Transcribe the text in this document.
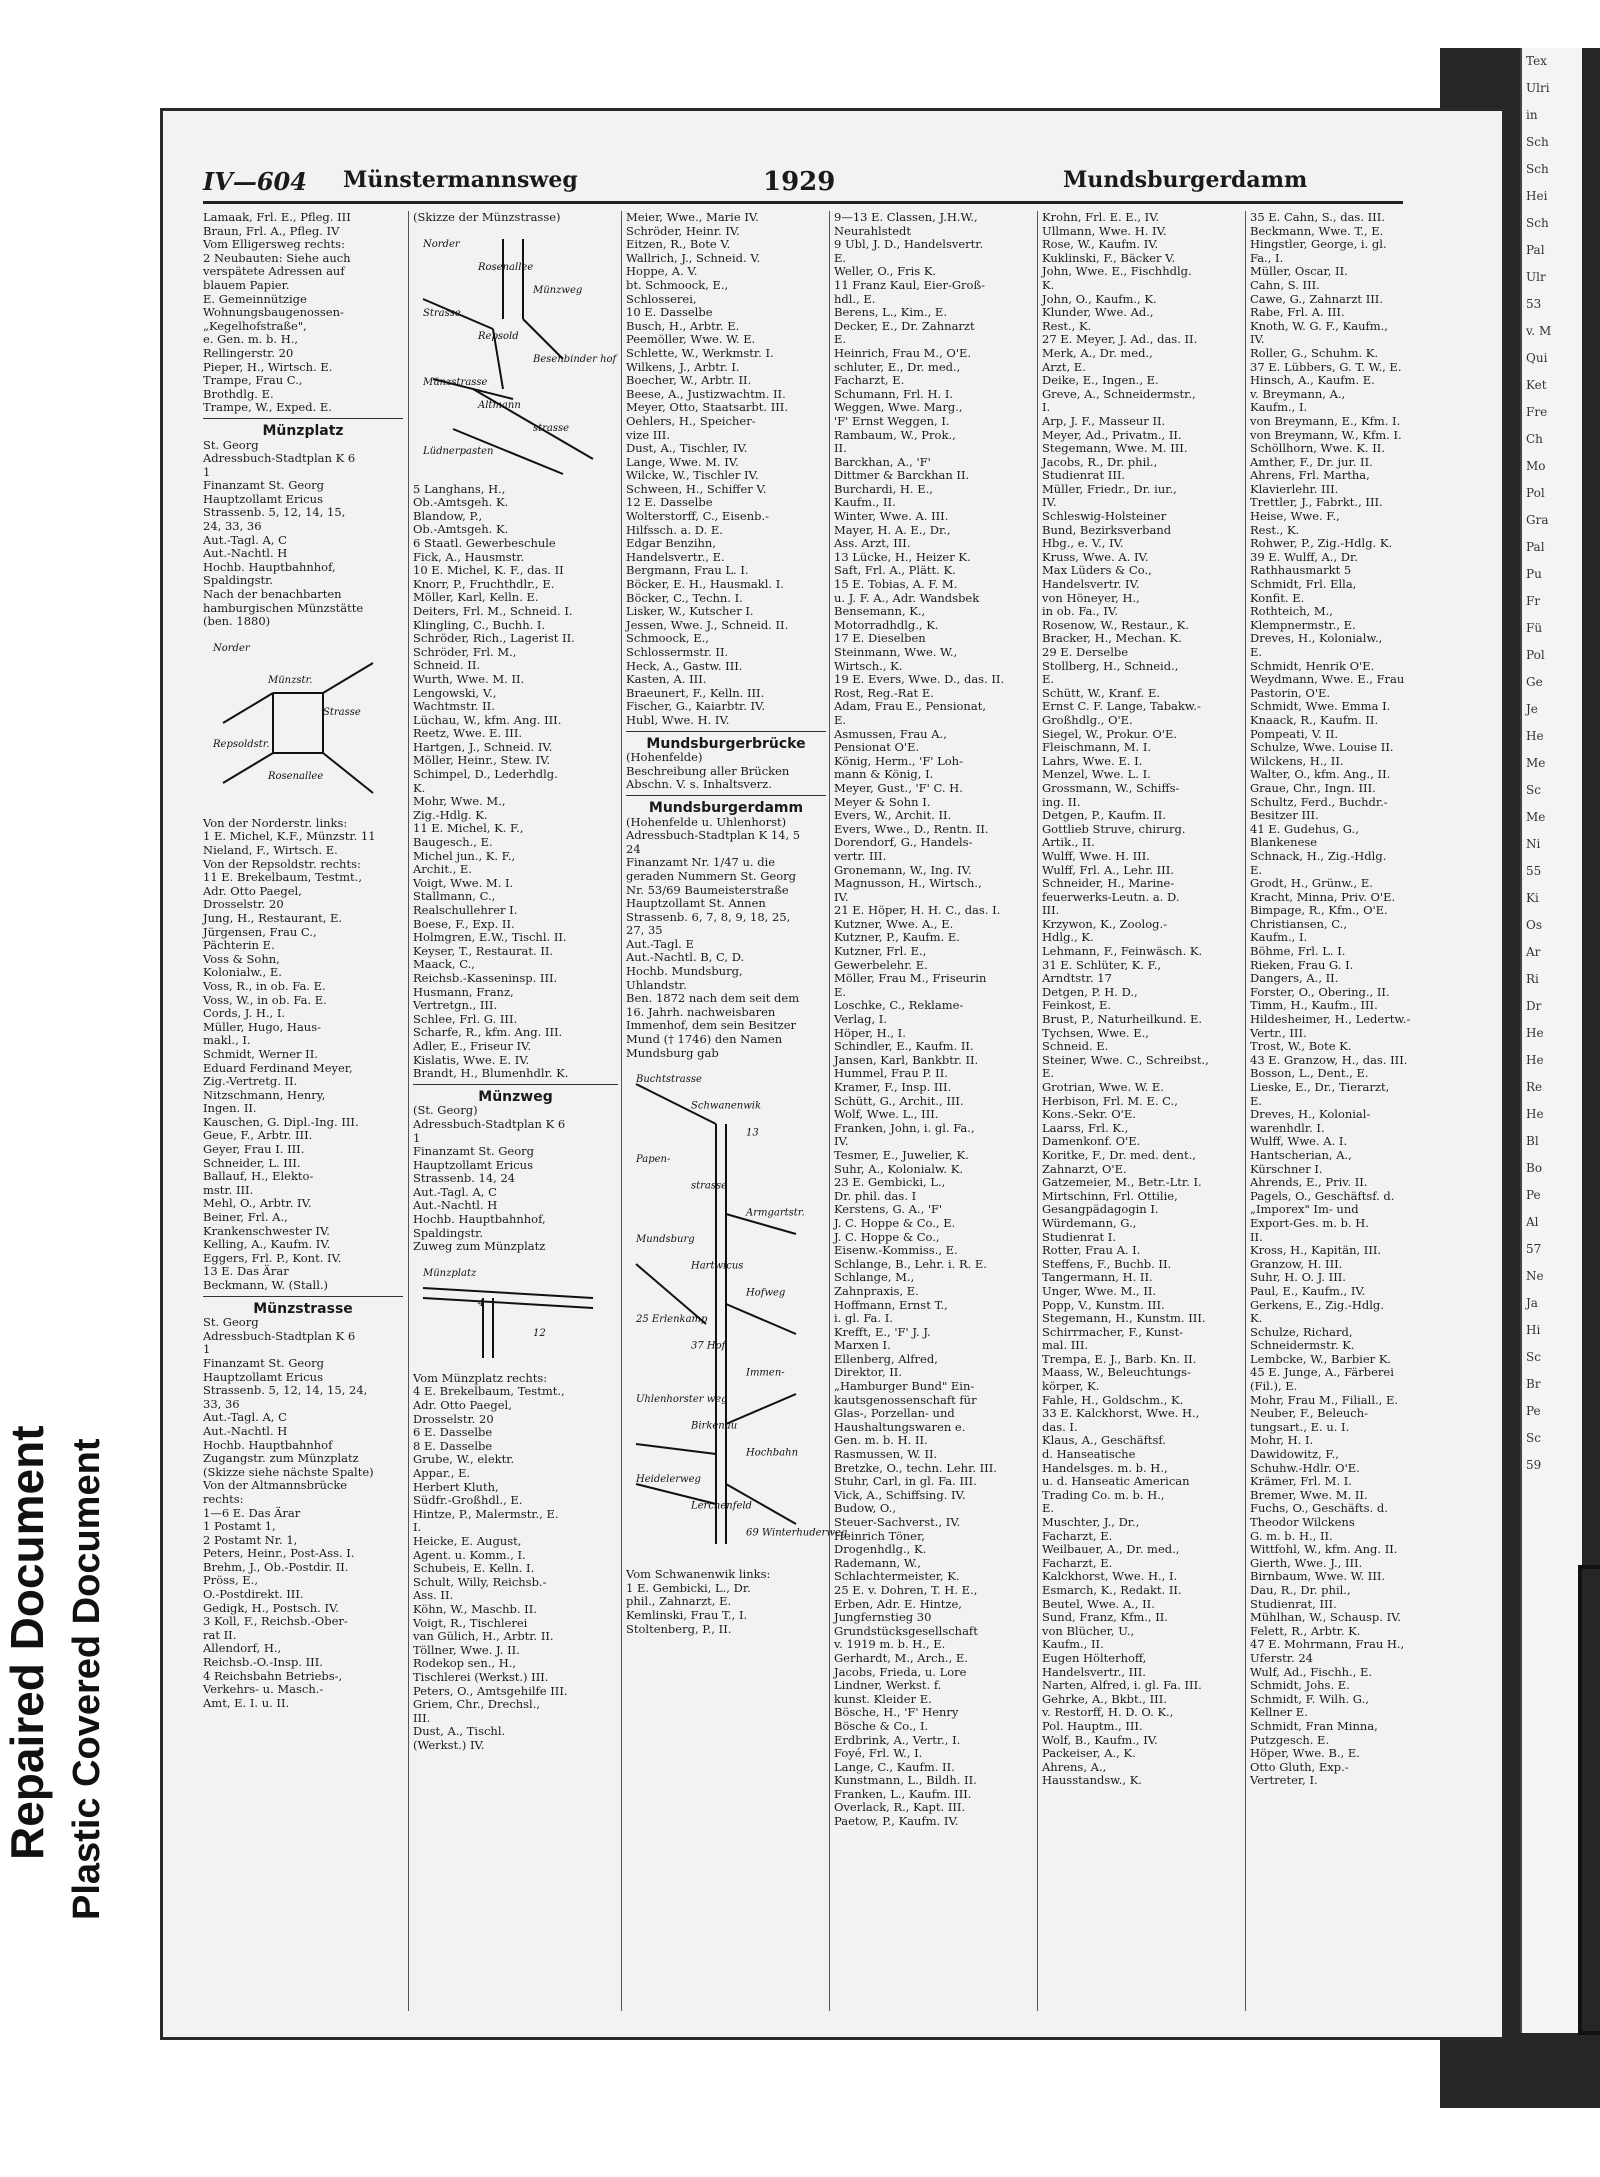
Repaired Document Plastic Covered Document
Tex
Ulri
in
Sch
Sch
Hei
Sch
Pal
Ulr
53
v. M
Qui
Ket
Fre
Ch
Mo
Pol
Gra
Pal
Pu
Fr
Fü
Pol
Ge
Je
He
Me
Sc
Me
Ni
55
Ki
Os
Ar
Ri
Dr
He
He
Re
He
Bl
Bo
Pe
Al
57
Ne
Ja
Hi
Sc
Br
Pe
Sc
59
IV—604 Münstermannsweg	1929	Mundsburgerdamm
Lamaak, Frl. E., Pfleg. III
Braun, Frl. A., Pfleg. IV
Vom Elligersweg rechts:
2 Neubauten: Siehe auch
verspätete Adressen auf
blauem Papier.
E. Gemeinnützige
Wohnungsbaugenossen-
„Kegelhofstraße",
e. Gen. m. b. H.,
Rellingerstr. 20
Pieper, H., Wirtsch. E.
Trampe, Frau C.,
Brothdlg. E.
Trampe, W., Exped. E.
Münzplatz
St. Georg
Adressbuch-Stadtplan K 6
1
Finanzamt St. Georg
Hauptzollamt Ericus
Strassenb. 5, 12, 14, 15,
24, 33, 36
Aut.-Tagl. A, C
Aut.-Nachtl. H
Hochb. Hauptbahnhof,
Spaldingstr.
Nach der benachbarten
hamburgischen Münzstätte
(ben. 1880)
Norder
Münzstr.
Strasse
Repsoldstr.
Rosenallee
Von der Norderstr. links:
1 E. Michel, K.F., Münzstr. 11
Nieland, F., Wirtsch. E.
Von der Repsoldstr. rechts:
11 E. Brekelbaum, Testmt.,
Adr. Otto Paegel,
Drosselstr. 20
Jung, H., Restaurant, E.
Jürgensen, Frau C.,
Pächterin E.
Voss & Sohn,
Kolonialw., E.
Voss, R., in ob. Fa. E.
Voss, W., in ob. Fa. E.
Cords, J. H., I.
Müller, Hugo, Haus-
makl., I.
Schmidt, Werner II.
Eduard Ferdinand Meyer,
Zig.-Vertretg. II.
Nitzschmann, Henry,
Ingen. II.
Kauschen, G. Dipl.-Ing. III.
Geue, F., Arbtr. III.
Geyer, Frau I. III.
Schneider, L. III.
Ballauf, H., Elekto-
mstr. III.
Mehl, O., Arbtr. IV.
Beiner, Frl. A.,
Krankenschwester IV.
Kelling, A., Kaufm. IV.
Eggers, Frl. P., Kont. IV.
13 E. Das Ärar
Beckmann, W. (Stall.)
Münzstrasse
St. Georg
Adressbuch-Stadtplan K 6
1
Finanzamt St. Georg
Hauptzollamt Ericus
Strassenb. 5, 12, 14, 15, 24,
33, 36
Aut.-Tagl. A, C
Aut.-Nachtl. H
Hochb. Hauptbahnhof
Zugangstr. zum Münzplatz
(Skizze siehe nächste Spalte)
Von der Altmannsbrücke
rechts:
1—6 E. Das Ärar
1 Postamt 1,
2 Postamt Nr. 1,
Peters, Heinr., Post-Ass. I.
Brehm, J., Ob.-Postdir. II.
Pröss, E.,
O.-Postdirekt. III.
Gedigk, H., Postsch. IV.
3 Koll, F., Reichsb.-Ober-
rat II.
Allendorf, H.,
Reichsb.-O.-Insp. III.
4 Reichsbahn Betriebs-,
Verkehrs- u. Masch.-
Amt, E. I. u. II.
(Skizze der Münzstrasse)
Norder
Rosenallee
Münzweg
Strasse
Repsold
Besenbinder hof
Münzstrasse
Altmann
strasse
Lüdnerpasten
5 Langhans, H.,
Ob.-Amtsgeh. K.
Blandow, P.,
Ob.-Amtsgeh. K.
6 Staatl. Gewerbeschule
Fick, A., Hausmstr.
10 E. Michel, K. F., das. II
Knorr, P., Fruchthdlr., E.
Möller, Karl, Kelln. E.
Deiters, Frl. M., Schneid. I.
Klingling, C., Buchh. I.
Schröder, Rich., Lagerist II.
Schröder, Frl. M.,
Schneid. II.
Wurth, Wwe. M. II.
Lengowski, V.,
Wachtmstr. II.
Lüchau, W., kfm. Ang. III.
Reetz, Wwe. E. III.
Hartgen, J., Schneid. IV.
Möller, Heinr., Stew. IV.
Schimpel, D., Lederhdlg.
K.
Mohr, Wwe. M.,
Zig.-Hdlg. K.
11 E. Michel, K. F.,
Baugesch., E.
Michel jun., K. F.,
Archit., E.
Voigt, Wwe. M. I.
Stallmann, C.,
Realschullehrer I.
Boese, F., Exp. II.
Holmgren, E.W., Tischl. II.
Keyser, T., Restaurat. II.
Maack, C.,
Reichsb.-Kasseninsp. III.
Husmann, Franz,
Vertretgn., III.
Schlee, Frl. G. III.
Scharfe, R., kfm. Ang. III.
Adler, E., Friseur IV.
Kislatis, Wwe. E. IV.
Brandt, H., Blumenhdlr. K.
Münzweg
(St. Georg)
Adressbuch-Stadtplan K 6
1
Finanzamt St. Georg
Hauptzollamt Ericus
Strassenb. 14, 24
Aut.-Tagl. A, C
Aut.-Nachtl. H
Hochb. Hauptbahnhof,
Spaldingstr.
Zuweg zum Münzplatz
Münzplatz
4
12
Vom Münzplatz rechts:
4 E. Brekelbaum, Testmt.,
Adr. Otto Paegel,
Drosselstr. 20
6 E. Dasselbe
8 E. Dasselbe
Grube, W., elektr.
Appar., E.
Herbert Kluth,
Südfr.-Großhdl., E.
Hintze, P., Malermstr., E.
I.
Heicke, E. August,
Agent. u. Komm., I.
Schubeis, E. Kelln. I.
Schult, Willy, Reichsb.-
Ass. II.
Köhn, W., Maschb. II.
Voigt, R., Tischlerei
van Gülich, H., Arbtr. II.
Töllner, Wwe. J. II.
Rodekop sen., H.,
Tischlerei (Werkst.) III.
Peters, O., Amtsgehilfe III.
Griem, Chr., Drechsl.,
III.
Dust, A., Tischl.
(Werkst.) IV.
Meier, Wwe., Marie IV.
Schröder, Heinr. IV.
Eitzen, R., Bote V.
Wallrich, J., Schneid. V.
Hoppe, A. V.
bt. Schmoock, E.,
Schlosserei,
10 E. Dasselbe
Busch, H., Arbtr. E.
Peemöller, Wwe. W. E.
Schlette, W., Werkmstr. I.
Wilkens, J., Arbtr. I.
Boecher, W., Arbtr. II.
Beese, A., Justizwachtm. II.
Meyer, Otto, Staatsarbt. III.
Oehlers, H., Speicher-
vize III.
Dust, A., Tischler, IV.
Lange, Wwe. M. IV.
Wilcke, W., Tischler IV.
Schween, H., Schiffer V.
12 E. Dasselbe
Wolterstorff, C., Eisenb.-
Hilfssch. a. D. E.
Edgar Benzihn,
Handelsvertr., E.
Bergmann, Frau L. I.
Böcker, E. H., Hausmakl. I.
Böcker, C., Techn. I.
Lisker, W., Kutscher I.
Jessen, Wwe. J., Schneid. II.
Schmoock, E.,
Schlossermstr. II.
Heck, A., Gastw. III.
Kasten, A. III.
Braeunert, F., Kelln. III.
Fischer, G., Kaiarbtr. IV.
Hubl, Wwe. H. IV.
Mundsburgerbrücke
(Hohenfelde)
Beschreibung aller Brücken
Abschn. V. s. Inhaltsverz.
Mundsburgerdamm
(Hohenfelde u. Uhlenhorst)
Adressbuch-Stadtplan K 14, 5
24
Finanzamt Nr. 1/47 u. die
geraden Nummern St. Georg
Nr. 53/69 Baumeisterstraße
Hauptzollamt St. Annen
Strassenb. 6, 7, 8, 9, 18, 25,
27, 35
Aut.-Tagl. E
Aut.-Nachtl. B, C, D.
Hochb. Mundsburg,
Uhlandstr.
Ben. 1872 nach dem seit dem
16. Jahrh. nachweisbaren
Immenhof, dem sein Besitzer
Mund († 1746) den Namen
Mundsburg gab
Buchtstrasse
Schwanenwik
13
Papen-
strasse
Armgartstr.
Mundsburg
Hartwicus
Hofweg
25 Erlenkamp
37 Hof
Immen-
Uhlenhorster weg
Birkenau
Hochbahn
Heidelerweg
Lerchenfeld
69 Winterhuderweg
Vom Schwanenwik links:
1 E. Gembicki, L., Dr.
phil., Zahnarzt, E.
Kemlinski, Frau T., I.
Stoltenberg, P., II.
9—13 E. Classen, J.H.W.,
Neurahlstedt
9 Ubl, J. D., Handelsvertr.
E.
Weller, O., Fris K.
11 Franz Kaul, Eier-Groß-
hdl., E.
Berens, L., Kim., E.
Decker, E., Dr. Zahnarzt
E.
Heinrich, Frau M., O'E.
schluter, E., Dr. med.,
Facharzt, E.
Schumann, Frl. H. I.
Weggen, Wwe. Marg.,
'F' Ernst Weggen, I.
Rambaum, W., Prok.,
II.
Barckhan, A., 'F'
Dittmer & Barckhan II.
Burchardi, H. E.,
Kaufm., II.
Winter, Wwe. A. III.
Mayer, H. A. E., Dr.,
Ass. Arzt, III.
13 Lücke, H., Heizer K.
Saft, Frl. A., Plätt. K.
15 E. Tobias, A. F. M.
u. J. F. A., Adr. Wandsbek
Bensemann, K.,
Motorradhdlg., K.
17 E. Dieselben
Steinmann, Wwe. W.,
Wirtsch., K.
19 E. Evers, Wwe. D., das. II.
Rost, Reg.-Rat E.
Adam, Frau E., Pensionat,
E.
Asmussen, Frau A.,
Pensionat O'E.
König, Herm., 'F' Loh-
mann & König, I.
Meyer, Gust., 'F' C. H.
Meyer & Sohn I.
Evers, W., Archit. II.
Evers, Wwe., D., Rentn. II.
Dorendorf, G., Handels-
vertr. III.
Gronemann, W., Ing. IV.
Magnusson, H., Wirtsch.,
IV.
21 E. Höper, H. H. C., das. I.
Kutzner, Wwe. A., E.
Kutzner, P., Kaufm. E.
Kutzner, Frl. E.,
Gewerbelehr. E.
Möller, Frau M., Friseurin
E.
Loschke, C., Reklame-
Verlag, I.
Höper, H., I.
Schindler, E., Kaufm. II.
Jansen, Karl, Bankbtr. II.
Hummel, Frau P. II.
Kramer, F., Insp. III.
Schütt, G., Archit., III.
Wolf, Wwe. L., III.
Franken, John, i. gl. Fa.,
IV.
Tesmer, E., Juwelier, K.
Suhr, A., Kolonialw. K.
23 E. Gembicki, L.,
Dr. phil. das. I
Kerstens, G. A., 'F'
J. C. Hoppe & Co., E.
J. C. Hoppe & Co.,
Eisenw.-Kommiss., E.
Schlange, B., Lehr. i. R. E.
Schlange, M.,
Zahnpraxis, E.
Hoffmann, Ernst T.,
i. gl. Fa. I.
Krefft, E., 'F' J. J.
Marxen I.
Ellenberg, Alfred,
Direktor, II.
„Hamburger Bund" Ein-
kautsgenossenschaft für
Glas-, Porzellan- und
Haushaltungswaren e.
Gen. m. b. H. II.
Rasmussen, W. II.
Bretzke, O., techn. Lehr. III.
Stuhr, Carl, in gl. Fa. III.
Vick, A., Schiffsing. IV.
Budow, O.,
Steuer-Sachverst., IV.
Heinrich Töner,
Drogenhdlg., K.
Rademann, W.,
Schlachtermeister, K.
25 E. v. Dohren, T. H. E.,
Erben, Adr. E. Hintze,
Jungfernstieg 30
Grundstücksgesellschaft
v. 1919 m. b. H., E.
Gerhardt, M., Arch., E.
Jacobs, Frieda, u. Lore
Lindner, Werkst. f.
kunst. Kleider E.
Bösche, H., 'F' Henry
Bösche & Co., I.
Erdbrink, A., Vertr., I.
Foyé, Frl. W., I.
Lange, C., Kaufm. II.
Kunstmann, L., Bildh. II.
Franken, L., Kaufm. III.
Overlack, R., Kapt. III.
Paetow, P., Kaufm. IV.
Krohn, Frl. E. E., IV.
Ullmann, Wwe. H. IV.
Rose, W., Kaufm. IV.
Kuklinski, F., Bäcker V.
John, Wwe. E., Fischhdlg.
K.
John, O., Kaufm., K.
Klunder, Wwe. Ad.,
Rest., K.
27 E. Meyer, J. Ad., das. II.
Merk, A., Dr. med.,
Arzt, E.
Deike, E., Ingen., E.
Greve, A., Schneidermstr.,
I.
Arp, J. F., Masseur II.
Meyer, Ad., Privatm., II.
Stegemann, Wwe. M. III.
Jacobs, R., Dr. phil.,
Studienrat III.
Müller, Friedr., Dr. iur.,
IV.
Schleswig-Holsteiner
Bund, Bezirksverband
Hbg., e. V., IV.
Kruss, Wwe. A. IV.
Max Lüders & Co.,
Handelsvertr. IV.
von Höneyer, H.,
in ob. Fa., IV.
Rosenow, W., Restaur., K.
Bracker, H., Mechan. K.
29 E. Derselbe
Stollberg, H., Schneid.,
E.
Schütt, W., Kranf. E.
Ernst C. F. Lange, Tabakw.-
Großhdlg., O'E.
Siegel, W., Prokur. O'E.
Fleischmann, M. I.
Lahrs, Wwe. E. I.
Menzel, Wwe. L. I.
Grossmann, W., Schiffs-
ing. II.
Detgen, P., Kaufm. II.
Gottlieb Struve, chirurg.
Artik., II.
Wulff, Wwe. H. III.
Wulff, Frl. A., Lehr. III.
Schneider, H., Marine-
feuerwerks-Leutn. a. D.
III.
Krzywon, K., Zoolog.-
Hdlg., K.
Lehmann, F., Feinwäsch. K.
31 E. Schlüter, K. F.,
Arndtstr. 17
Detgen, P. H. D.,
Feinkost, E.
Brust, P., Naturheilkund. E.
Tychsen, Wwe. E.,
Schneid. E.
Steiner, Wwe. C., Schreibst.,
E.
Grotrian, Wwe. W. E.
Herbison, Frl. M. E. C.,
Kons.-Sekr. O'E.
Laarss, Frl. K.,
Damenkonf. O'E.
Koritke, F., Dr. med. dent.,
Zahnarzt, O'E.
Gatzemeier, M., Betr.-Ltr. I.
Mirtschinn, Frl. Ottilie,
Gesangpädagogin I.
Würdemann, G.,
Studienrat I.
Rotter, Frau A. I.
Steffens, F., Buchb. II.
Tangermann, H. II.
Unger, Wwe. M., II.
Popp, V., Kunstm. III.
Stegemann, H., Kunstm. III.
Schirrmacher, F., Kunst-
mal. III.
Trempa, E. J., Barb. Kn. II.
Maass, W., Beleuchtungs-
körper, K.
Fahle, H., Goldschm., K.
33 E. Kalckhorst, Wwe. H.,
das. I.
Klaus, A., Geschäftsf.
d. Hanseatische
Handelsges. m. b. H.,
u. d. Hanseatic American
Trading Co. m. b. H.,
E.
Muschter, J., Dr.,
Facharzt, E.
Weilbauer, A., Dr. med.,
Facharzt, E.
Kalckhorst, Wwe. H., I.
Esmarch, K., Redakt. II.
Beutel, Wwe. A., II.
Sund, Franz, Kfm., II.
von Blücher, U.,
Kaufm., II.
Eugen Hölterhoff,
Handelsvertr., III.
Narten, Alfred, i. gl. Fa. III.
Gehrke, A., Bkbt., III.
v. Restorff, H. D. O. K.,
Pol. Hauptm., III.
Wolf, B., Kaufm., IV.
Packeiser, A., K.
Ahrens, A.,
Hausstandsw., K.
35 E. Cahn, S., das. III.
Beckmann, Wwe. T., E.
Hingstler, George, i. gl.
Fa., I.
Müller, Oscar, II.
Cahn, S. III.
Cawe, G., Zahnarzt III.
Rabe, Frl. A. III.
Knoth, W. G. F., Kaufm.,
IV.
Roller, G., Schuhm. K.
37 E. Lübbers, G. T. W., E.
Hinsch, A., Kaufm. E.
v. Breymann, A.,
Kaufm., I.
von Breymann, E., Kfm. I.
von Breymann, W., Kfm. I.
Schöllhorn, Wwe. K. II.
Amther, F., Dr. jur. II.
Ahrens, Frl. Martha,
Klavierlehr. III.
Trettler, J., Fabrkt., III.
Heise, Wwe. F.,
Rest., K.
Rohwer, P., Zig.-Hdlg. K.
39 E. Wulff, A., Dr.
Rathhausmarkt 5
Schmidt, Frl. Ella,
Konfit. E.
Rothteich, M.,
Klempnermstr., E.
Dreves, H., Kolonialw.,
E.
Schmidt, Henrik O'E.
Weydmann, Wwe. E., Frau
Pastorin, O'E.
Schmidt, Wwe. Emma I.
Knaack, R., Kaufm. II.
Pompeati, V. II.
Schulze, Wwe. Louise II.
Wilckens, H., II.
Walter, O., kfm. Ang., II.
Graue, Chr., Ingn. III.
Schultz, Ferd., Buchdr.-
Besitzer III.
41 E. Gudehus, G.,
Blankenese
Schnack, H., Zig.-Hdlg.
E.
Grodt, H., Grünw., E.
Kracht, Minna, Priv. O'E.
Bimpage, R., Kfm., O'E.
Christiansen, C.,
Kaufm., I.
Böhme, Frl. L. I.
Rieken, Frau G. I.
Dangers, A., II.
Forster, O., Obering., II.
Timm, H., Kaufm., III.
Hildesheimer, H., Ledertw.-
Vertr., III.
Trost, W., Bote K.
43 E. Granzow, H., das. III.
Bosson, L., Dent., E.
Lieske, E., Dr., Tierarzt,
E.
Dreves, H., Kolonial-
warenhdlr. I.
Wulff, Wwe. A. I.
Hantscherian, A.,
Kürschner I.
Ahrends, E., Priv. II.
Pagels, O., Geschäftsf. d.
„Imporex" Im- und
Export-Ges. m. b. H.
II.
Kross, H., Kapitän, III.
Granzow, H. III.
Suhr, H. O. J. III.
Paul, E., Kaufm., IV.
Gerkens, E., Zig.-Hdlg.
K.
Schulze, Richard,
Schneidermstr. K.
Lembcke, W., Barbier K.
45 E. Junge, A., Färberei
(Fil.), E.
Mohr, Frau M., Filiall., E.
Neuber, F., Beleuch-
tungsart., E. u. I.
Mohr, H. I.
Dawidowitz, F.,
Schuhw.-Hdlr. O'E.
Krämer, Frl. M. I.
Bremer, Wwe. M. II.
Fuchs, O., Geschäfts. d.
Theodor Wilckens
G. m. b. H., II.
Wittfohl, W., kfm. Ang. II.
Gierth, Wwe. J., III.
Birnbaum, Wwe. W. III.
Dau, R., Dr. phil.,
Studienrat, III.
Mühlhan, W., Schausp. IV.
Felett, R., Arbtr. K.
47 E. Mohrmann, Frau H.,
Uferstr. 24
Wulf, Ad., Fischh., E.
Schmidt, Johs. E.
Schmidt, F. Wilh. G.,
Kellner E.
Schmidt, Fran Minna,
Putzgesch. E.
Höper, Wwe. B., E.
Otto Gluth, Exp.-
Vertreter, I.
